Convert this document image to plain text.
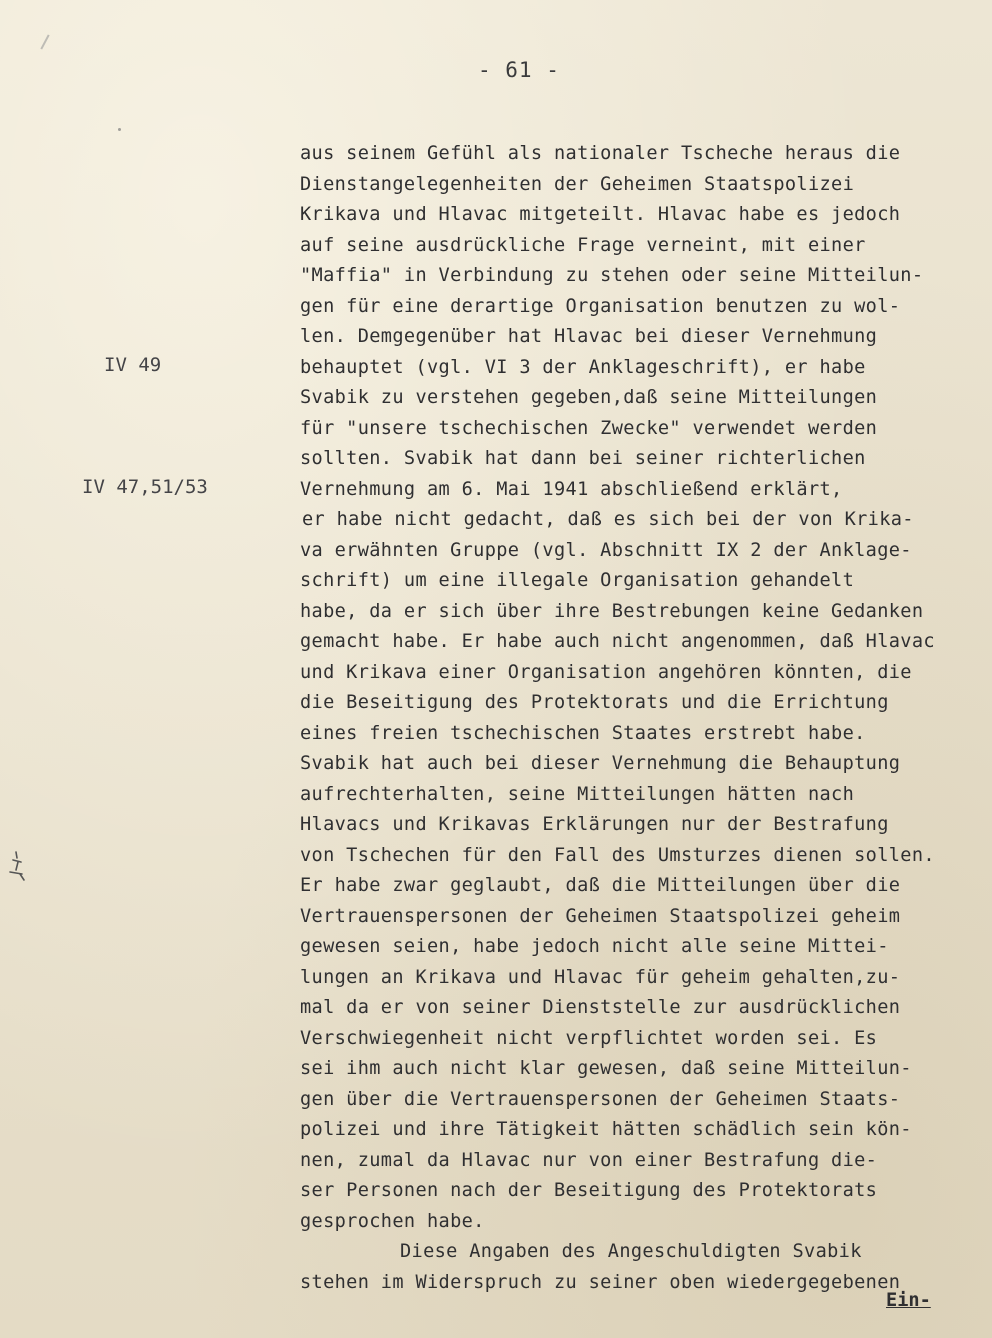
- 61 -
IV 49
IV 47,51/53
aus seinem Gefühl als nationaler Tscheche heraus die
Dienstangelegenheiten der Geheimen Staatspolizei
Krikava und Hlavac mitgeteilt. Hlavac habe es jedoch
auf seine ausdrückliche Frage verneint, mit einer
"Maffia" in Verbindung zu stehen oder seine Mitteilun-
gen für eine derartige Organisation benutzen zu wol-
len. Demgegenüber hat Hlavac bei dieser Vernehmung
behauptet (vgl. VI 3 der Anklageschrift), er habe
Svabik zu verstehen gegeben,daß seine Mitteilungen
für "unsere tschechischen Zwecke" verwendet werden
sollten. Svabik hat dann bei seiner richterlichen
Vernehmung am 6. Mai 1941 abschließend erklärt,
er habe nicht gedacht, daß es sich bei der von Krika-
va erwähnten Gruppe (vgl. Abschnitt IX 2 der Anklage-
schrift) um eine illegale Organisation gehandelt
habe, da er sich über ihre Bestrebungen keine Gedanken
gemacht habe. Er habe auch nicht angenommen, daß Hlavac
und Krikava einer Organisation angehören könnten, die
die Beseitigung des Protektorats und die Errichtung
eines freien tschechischen Staates erstrebt habe.
Svabik hat auch bei dieser Vernehmung die Behauptung
aufrechterhalten, seine Mitteilungen hätten nach
Hlavacs und Krikavas Erklärungen nur der Bestrafung
von Tschechen für den Fall des Umsturzes dienen sollen.
Er habe zwar geglaubt, daß die Mitteilungen über die
Vertrauenspersonen der Geheimen Staatspolizei geheim
gewesen seien, habe jedoch nicht alle seine Mittei-
lungen an Krikava und Hlavac für geheim gehalten,zu-
mal da er von seiner Dienststelle zur ausdrücklichen
Verschwiegenheit nicht verpflichtet worden sei. Es
sei ihm auch nicht klar gewesen, daß seine Mitteilun-
gen über die Vertrauenspersonen der Geheimen Staats-
polizei und ihre Tätigkeit hätten schädlich sein kön-
nen, zumal da Hlavac nur von einer Bestrafung die-
ser Personen nach der Beseitigung des Protektorats
gesprochen habe.
Diese Angaben des Angeschuldigten Svabik
stehen im Widerspruch zu seiner oben wiedergegebenen
Ein-
